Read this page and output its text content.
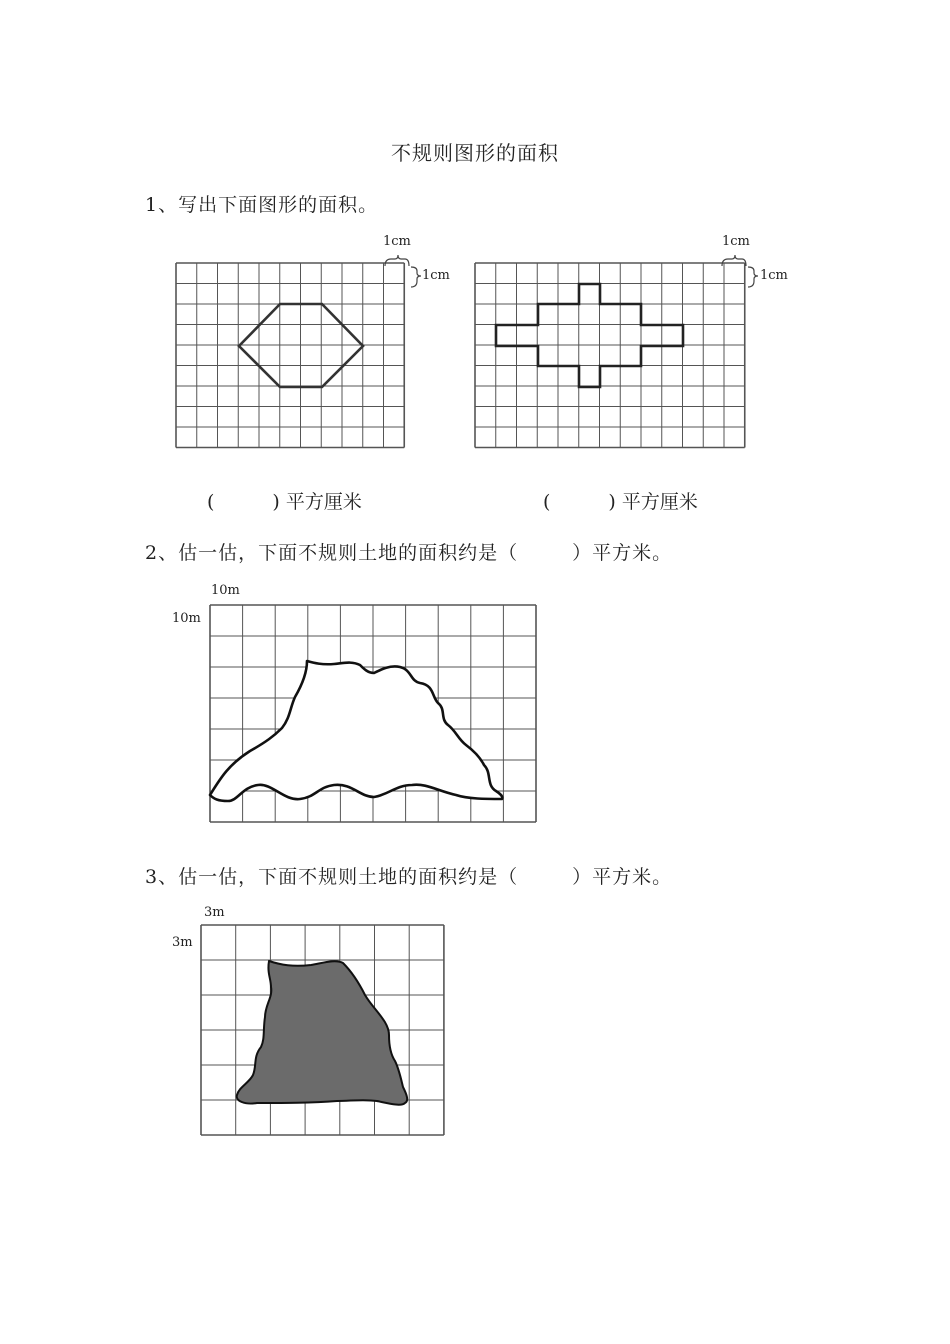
不规则图形的面积
1、写出下面图形的面积。
1cm
1cm
1cm
1cm
(	) 平方厘米	(	) 平方厘米
2、估一估，下面不规则土地的面积约是（	）平方米。
10m
10m
3、估一估，下面不规则土地的面积约是（	）平方米。
3m
3m
